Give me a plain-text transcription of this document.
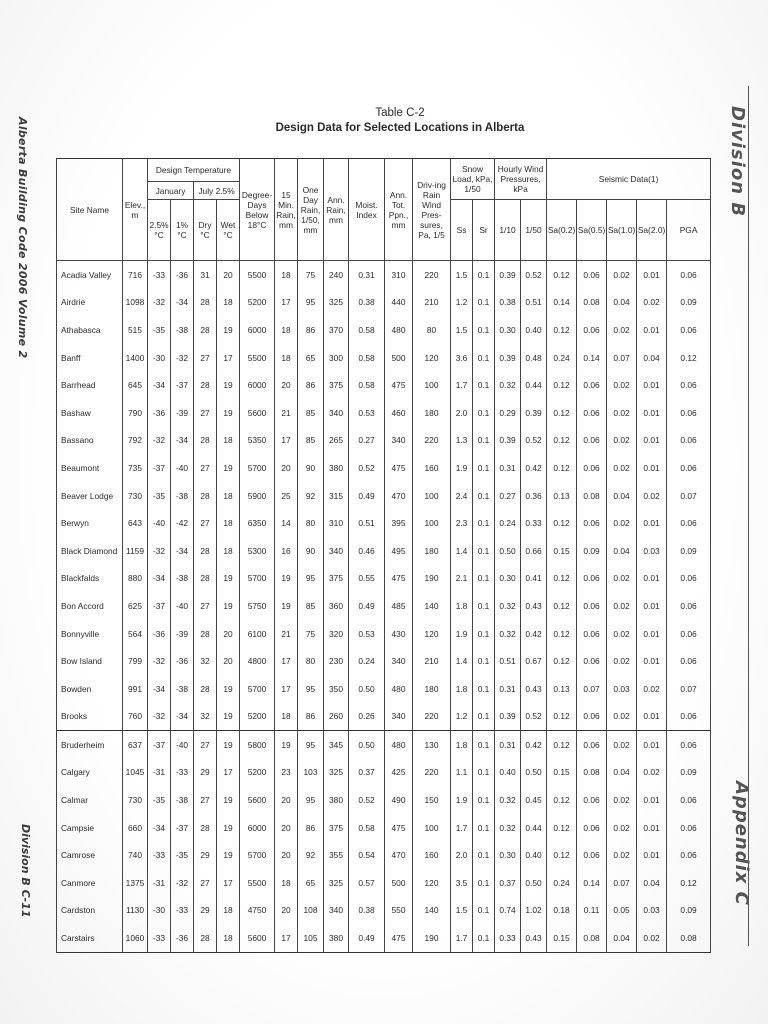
Alberta Building Code 2006 Volume 2
Division B C-11
Division B
Appendix C
Table C-2
Design Data for Selected Locations in Alberta
Site Name	Elev., m	Design Temperature				Degree-Days Below 18°C	15 Min. Rain, mm	One Day Rain, 1/50, mm	Ann. Rain, mm	Moist. Index	Ann. Tot. Ppn., mm	Driv-ing Rain Wind Pres-sures, Pa, 1/5	Snow Load, kPa, 1/50		Hourly Wind Pressures, kPa		Seismic Data(1)				
		January		July 2.5%																	
		2.5% °C	1% °C	Dry °C	Wet °C								Ss	Sr	1/10	1/50	Sa(0.2)	Sa(0.5)	Sa(1.0)	Sa(2.0)	PGA
Acadia Valley	716	-33	-36	31	20	5500	18	75	240	0.31	310	220	1.5	0.1	0.39	0.52	0.12	0.06	0.02	0.01	0.06
Airdrie	1098	-32	-34	28	18	5200	17	95	325	0.38	440	210	1.2	0.1	0.38	0.51	0.14	0.08	0.04	0.02	0.09
Athabasca	515	-35	-38	28	19	6000	18	86	370	0.58	480	80	1.5	0.1	0.30	0.40	0.12	0.06	0.02	0.01	0.06
Banff	1400	-30	-32	27	17	5500	18	65	300	0.58	500	120	3.6	0.1	0.39	0.48	0.24	0.14	0.07	0.04	0.12
Barrhead	645	-34	-37	28	19	6000	20	86	375	0.58	475	100	1.7	0.1	0.32	0.44	0.12	0.06	0.02	0.01	0.06
Bashaw	790	-36	-39	27	19	5600	21	85	340	0.53	460	180	2.0	0.1	0.29	0.39	0.12	0.06	0.02	0.01	0.06
Bassano	792	-32	-34	28	18	5350	17	85	265	0.27	340	220	1.3	0.1	0.39	0.52	0.12	0.06	0.02	0.01	0.06
Beaumont	735	-37	-40	27	19	5700	20	90	380	0.52	475	160	1.9	0.1	0.31	0.42	0.12	0.06	0.02	0.01	0.06
Beaver Lodge	730	-35	-38	28	18	5900	25	92	315	0.49	470	100	2.4	0.1	0.27	0.36	0.13	0.08	0.04	0.02	0.07
Berwyn	643	-40	-42	27	18	6350	14	80	310	0.51	395	100	2.3	0.1	0.24	0.33	0.12	0.06	0.02	0.01	0.06
Black Diamond	1159	-32	-34	28	18	5300	16	90	340	0.46	495	180	1.4	0.1	0.50	0.66	0.15	0.09	0.04	0.03	0.09
Blackfalds	880	-34	-38	28	19	5700	19	95	375	0.55	475	190	2.1	0.1	0.30	0.41	0.12	0.06	0.02	0.01	0.06
Bon Accord	625	-37	-40	27	19	5750	19	85	360	0.49	485	140	1.8	0.1	0.32	0.43	0.12	0.06	0.02	0.01	0.06
Bonnyville	564	-36	-39	28	20	6100	21	75	320	0.53	430	120	1.9	0.1	0.32	0.42	0.12	0.06	0.02	0.01	0.06
Bow Island	799	-32	-36	32	20	4800	17	80	230	0.24	340	210	1.4	0.1	0.51	0.67	0.12	0.06	0.02	0.01	0.06
Bowden	991	-34	-38	28	19	5700	17	95	350	0.50	480	180	1.8	0.1	0.31	0.43	0.13	0.07	0.03	0.02	0.07
Brooks	760	-32	-34	32	19	5200	18	86	260	0.26	340	220	1.2	0.1	0.39	0.52	0.12	0.06	0.02	0.01	0.06
Bruderheim	637	-37	-40	27	19	5800	19	95	345	0.50	480	130	1.8	0.1	0.31	0.42	0.12	0.06	0.02	0.01	0.06
Calgary	1045	-31	-33	29	17	5200	23	103	325	0.37	425	220	1.1	0.1	0.40	0.50	0.15	0.08	0.04	0.02	0.09
Calmar	730	-35	-38	27	19	5600	20	95	380	0.52	490	150	1.9	0.1	0.32	0.45	0.12	0.06	0.02	0.01	0.06
Campsie	660	-34	-37	28	19	6000	20	86	375	0.58	475	100	1.7	0.1	0.32	0.44	0.12	0.06	0.02	0.01	0.06
Camrose	740	-33	-35	29	19	5700	20	92	355	0.54	470	160	2.0	0.1	0.30	0.40	0.12	0.06	0.02	0.01	0.06
Canmore	1375	-31	-32	27	17	5500	18	65	325	0.57	500	120	3.5	0.1	0.37	0.50	0.24	0.14	0.07	0.04	0.12
Cardston	1130	-30	-33	29	18	4750	20	108	340	0.38	550	140	1.5	0.1	0.74	1.02	0.18	0.11	0.05	0.03	0.09
Carstairs	1060	-33	-36	28	18	5600	17	105	380	0.49	475	190	1.7	0.1	0.33	0.43	0.15	0.08	0.04	0.02	0.08
